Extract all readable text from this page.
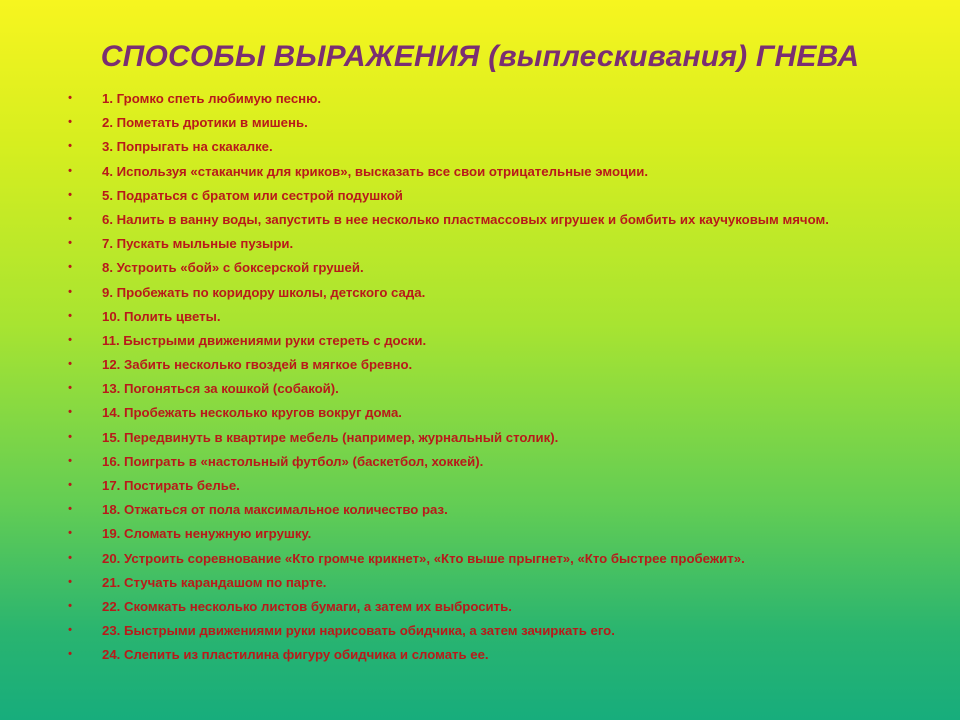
СПОСОБЫ ВЫРАЖЕНИЯ (выплескивания) ГНЕВА
•	1. Громко спеть любимую песню.
•	2. Пометать дротики в мишень.
•	3. Попрыгать на скакалке.
•	4. Используя «стаканчик для криков», высказать все свои отрицательные эмоции.
•	5. Подраться с братом или сестрой подушкой
•	6. Налить в ванну воды, запустить в нее несколько пластмассовых игрушек и бомбить их каучуковым мячом.
•	7. Пускать мыльные пузыри.
•	8. Устроить «бой» с боксерской грушей.
•	9. Пробежать по коридору школы, детского сада.
•	10. Полить цветы.
•	11. Быстрыми движениями руки стереть с доски.
•	12. Забить несколько гвоздей в мягкое бревно.
•	13. Погоняться за кошкой (собакой).
•	14. Пробежать несколько кругов вокруг дома.
•	15. Передвинуть в квартире мебель (например, журнальный столик).
•	16. Поиграть в «настольный футбол» (баскетбол, хоккей).
•	17. Постирать белье.
•	18. Отжаться от пола максимальное количество раз.
•	19. Сломать ненужную игрушку.
•	20. Устроить соревнование «Кто громче крикнет», «Кто выше прыгнет», «Кто быстрее пробежит».
•	21. Стучать карандашом по парте.
•	22. Скомкать несколько листов бумаги, а затем их выбросить.
•	23. Быстрыми движениями руки нарисовать обидчика, а затем зачиркать его.
•	24. Слепить из пластилина фигуру обидчика и сломать ее.
